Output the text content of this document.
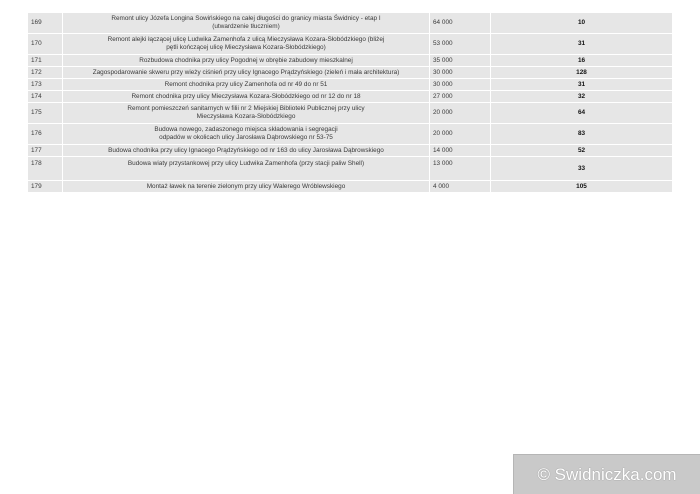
169	Remont ulicy Józefa Longina Sowińskiego na całej długości do granicy miasta Świdnicy - etap I (utwardzenie tłuczniem)	64 000	10
170	Remont alejki łączącej ulicę Ludwika Zamenhofa z ulicą Mieczysława Kozara-Słobódzkiego (bliżej pętli kończącej ulicę Mieczysława Kozara-Słobódzkiego)	53 000	31
171	Rozbudowa chodnika przy ulicy Pogodnej w obrębie zabudowy mieszkalnej	35 000	16
172	Zagospodarowanie skweru przy wieży ciśnień przy ulicy Ignacego Prądzyńskiego (zieleń i mała architektura)	30 000	128
173	Remont chodnika przy ulicy Zamenhofa od nr 49 do nr 51	30 000	31
174	Remont chodnika przy ulicy Mieczysława Kozara-Słobódzkiego od nr 12 do nr 18	27 000	32
175	Remont pomieszczeń sanitarnych w filii nr 2 Miejskiej Biblioteki Publicznej przy ulicy Mieczysława Kozara-Słobódzkiego	20 000	64
176	Budowa nowego, zadaszonego miejsca składowania i segregacji odpadów w okolicach ulicy Jarosława Dąbrowskiego nr 53-75	20 000	83
177	Budowa chodnika przy ulicy Ignacego Prądzyńskiego od nr 163 do ulicy Jarosława Dąbrowskiego	14 000	52
178	Budowa wiaty przystankowej przy ulicy Ludwika Zamenhofa (przy stacji paliw Shell)	13 000	33
179	Montaż ławek na terenie zielonym przy ulicy Walerego Wróblewskiego	4 000	105
© Swidniczka.com
